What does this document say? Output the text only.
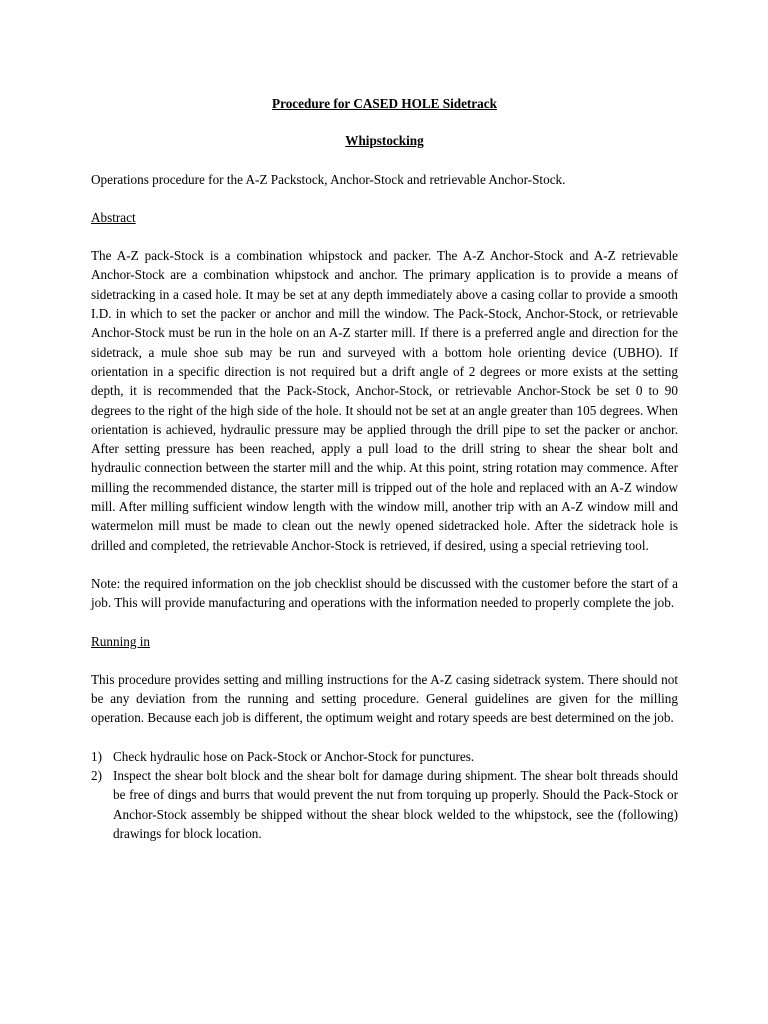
Procedure for CASED HOLE Sidetrack

Whipstocking

Operations procedure for the A-Z Packstock, Anchor-Stock and retrievable Anchor-Stock.

Abstract

The A-Z pack-Stock is a combination whipstock and packer. The A-Z Anchor-Stock and A-Z retrievable Anchor-Stock are a combination whipstock and anchor. The primary application is to provide a means of sidetracking in a cased hole. It may be set at any depth immediately above a casing collar to provide a smooth I.D. in which to set the packer or anchor and mill the window. The Pack-Stock, Anchor-Stock, or retrievable Anchor-Stock must be run in the hole on an A-Z starter mill. If there is a preferred angle and direction for the sidetrack, a mule shoe sub may be run and surveyed with a bottom hole orienting device (UBHO). If orientation in a specific direction is not required but a drift angle of 2 degrees or more exists at the setting depth, it is recommended that the Pack-Stock, Anchor-Stock, or retrievable Anchor-Stock be set 0 to 90 degrees to the right of the high side of the hole. It should not be set at an angle greater than 105 degrees. When orientation is achieved, hydraulic pressure may be applied through the drill pipe to set the packer or anchor. After setting pressure has been reached, apply a pull load to the drill string to shear the shear bolt and hydraulic connection between the starter mill and the whip. At this point, string rotation may commence. After milling the recommended distance, the starter mill is tripped out of the hole and replaced with an A-Z window mill. After milling sufficient window length with the window mill, another trip with an A-Z window mill and watermelon mill must be made to clean out the newly opened sidetracked hole. After the sidetrack hole is drilled and completed, the retrievable Anchor-Stock is retrieved, if desired, using a special retrieving tool.

Note: the required information on the job checklist should be discussed with the customer before the start of a job. This will provide manufacturing and operations with the information needed to properly complete the job.

Running in

This procedure provides setting and milling instructions for the A-Z casing sidetrack system. There should not be any deviation from the running and setting procedure. General guidelines are given for the milling operation. Because each job is different, the optimum weight and rotary speeds are best determined on the job.

1) Check hydraulic hose on Pack-Stock or Anchor-Stock for punctures.
2) Inspect the shear bolt block and the shear bolt for damage during shipment. The shear bolt threads should be free of dings and burrs that would prevent the nut from torquing up properly. Should the Pack-Stock or Anchor-Stock assembly be shipped without the shear block welded to the whipstock, see the (following) drawings for block location.
